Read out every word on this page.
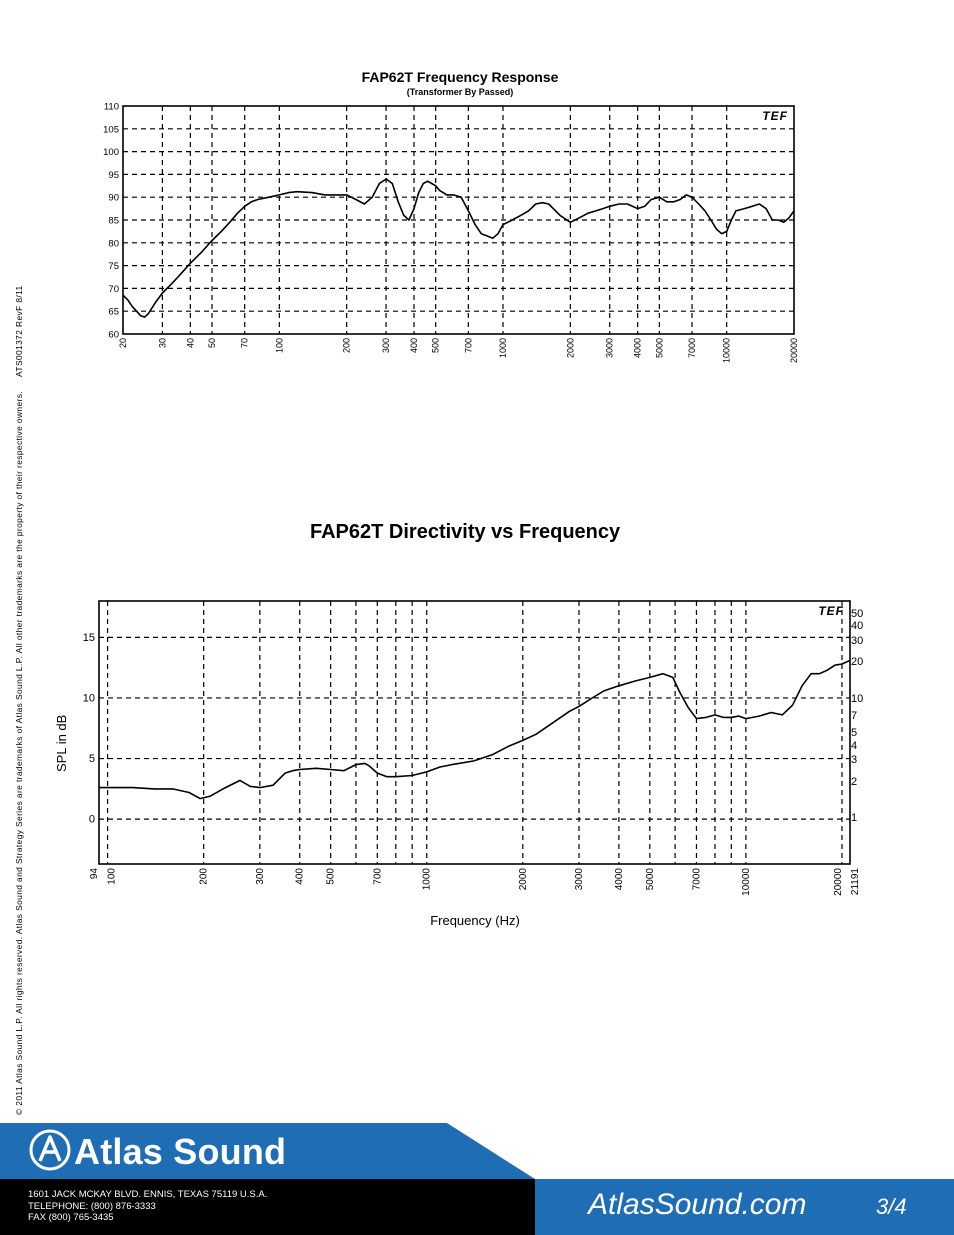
© 2011 Atlas Sound L.P. All rights reserved. Atlas Sound and Strategy Series are trademarks of Atlas Sound L.P. All other trademarks are the property of their respective owners.ATS001372 RevF 8/11
FAP62T Frequency Response
(Transformer By Passed)
60
65
70
75
80
85
90
95
100
105
110
20	30 40 50	70	100	200	300 400 500	700	1000	2000	3000 4000 5000	7000	10000	20000
TEF
FAP62T Directivity vs Frequency
0
5
10
15
94 100	200	300	400 500	700	1000	2000	3000	4000 5000	7000	10000	20000 21191
TEF 50
40
30
20
10
7
5
4
3
2
1
SPL in dB
Frequency (Hz)
Atlas Sound
1601 JACK MCKAY BLVD. ENNIS, TEXAS 75119 U.S.A.
TELEPHONE: (800) 876-3333
FAX (800) 765-3435	AtlasSound.com	3/4
